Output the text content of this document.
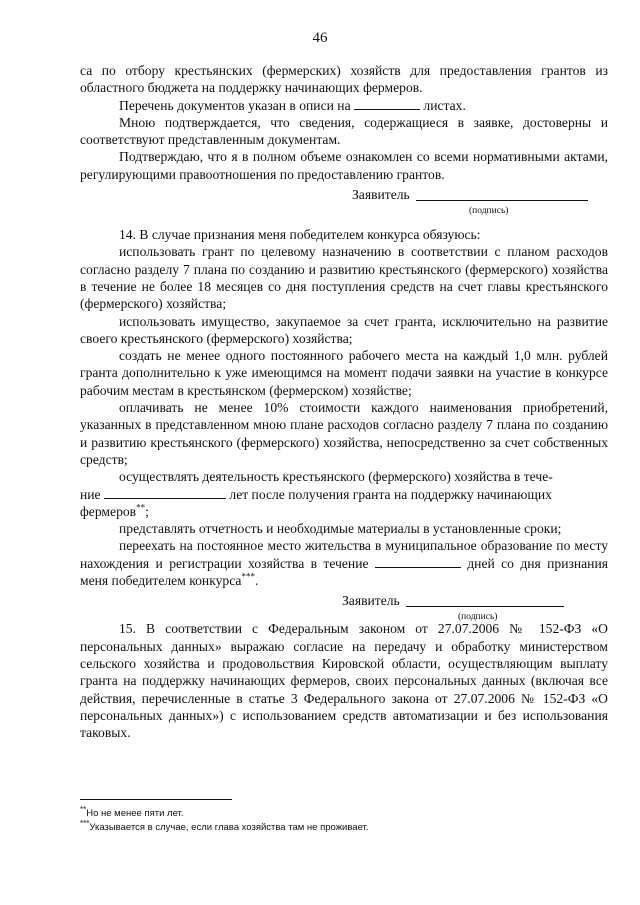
46

са по отбору крестьянских (фермерских) хозяйств для предоставления грантов из областного бюджета на поддержку начинающих фермеров.

Перечень документов указан в описи на	листах.

Мною подтверждается, что сведения, содержащиеся в заявке, достоверны и соответствуют представленным документам.

Подтверждаю, что я в полном объеме ознакомлен со всеми нормативными актами, регулирующими правоотношения по предоставлению грантов.

Заявитель
(подпись)

14. В случае признания меня победителем конкурса обязуюсь:

использовать грант по целевому назначению в соответствии с планом расходов согласно разделу 7 плана по созданию и развитию крестьянского (фермерского) хозяйства в течение не более 18 месяцев со дня поступления средств на счет главы крестьянского (фермерского) хозяйства;

использовать имущество, закупаемое за счет гранта, исключительно на развитие своего крестьянского (фермерского) хозяйства;

создать не менее одного постоянного рабочего места на каждый 1,0 млн. рублей гранта дополнительно к уже имеющимся на момент подачи заявки на участие в конкурсе рабочим местам в крестьянском (фермерском) хозяйстве;

оплачивать не менее 10% стоимости каждого наименования приобретений, указанных в представленном мною плане расходов согласно разделу 7 плана по созданию и развитию крестьянского (фермерского) хозяйства, непосредственно за счет собственных средств;

осуществлять деятельность крестьянского (фермерского) хозяйства в тече-
ние	лет после получения гранта на поддержку начинающих
фермеров**;

представлять отчетность и необходимые материалы в установленные сроки;

переехать на постоянное место жительства в муниципальное образование по месту нахождения и регистрации хозяйства в течение	дней со дня признания меня победителем конкурса***.

Заявитель
(подпись)

15. В соответствии с Федеральным законом от 27.07.2006 № 152-ФЗ «О персональных данных» выражаю согласие на передачу и обработку министерством сельского хозяйства и продовольствия Кировской области, осуществляющим выплату гранта на поддержку начинающих фермеров, своих персональных данных (включая все действия, перечисленные в статье 3 Федерального закона от 27.07.2006 № 152-ФЗ «О персональных данных») с использованием средств автоматизации и без использования таковых.

**Но не менее пяти лет.
***Указывается в случае, если глава хозяйства там не проживает.
